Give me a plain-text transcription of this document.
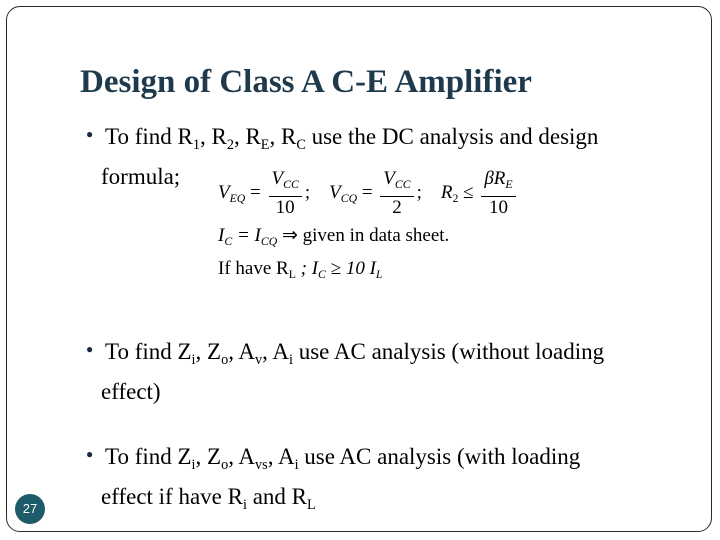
Design of Class A C-E Amplifier
● To find $R_1$, $R_2$, $R_E$, $R_C$ use the DC analysis and design
formula;
$V_{EQ} = \frac{V_{CC}}{10}$ ;    $V_{CQ} = \frac{V_{CC}}{2}$ ;    $R_2 \le \frac{\beta R_E}{10}$
$I_C = I_{CQ}$ ⇒ given in data sheet.
If have $R_L$ ; $I_C \ge 10$ $I_L$
● To find $Z_i$, $Z_o$, $A_v$, $A_i$ use AC analysis (without loading
effect)
● To find $Z_i$, $Z_o$, $A_{vs}$, $A_i$ use AC analysis (with loading
effect if have $R_i$ and $R_L$
27
